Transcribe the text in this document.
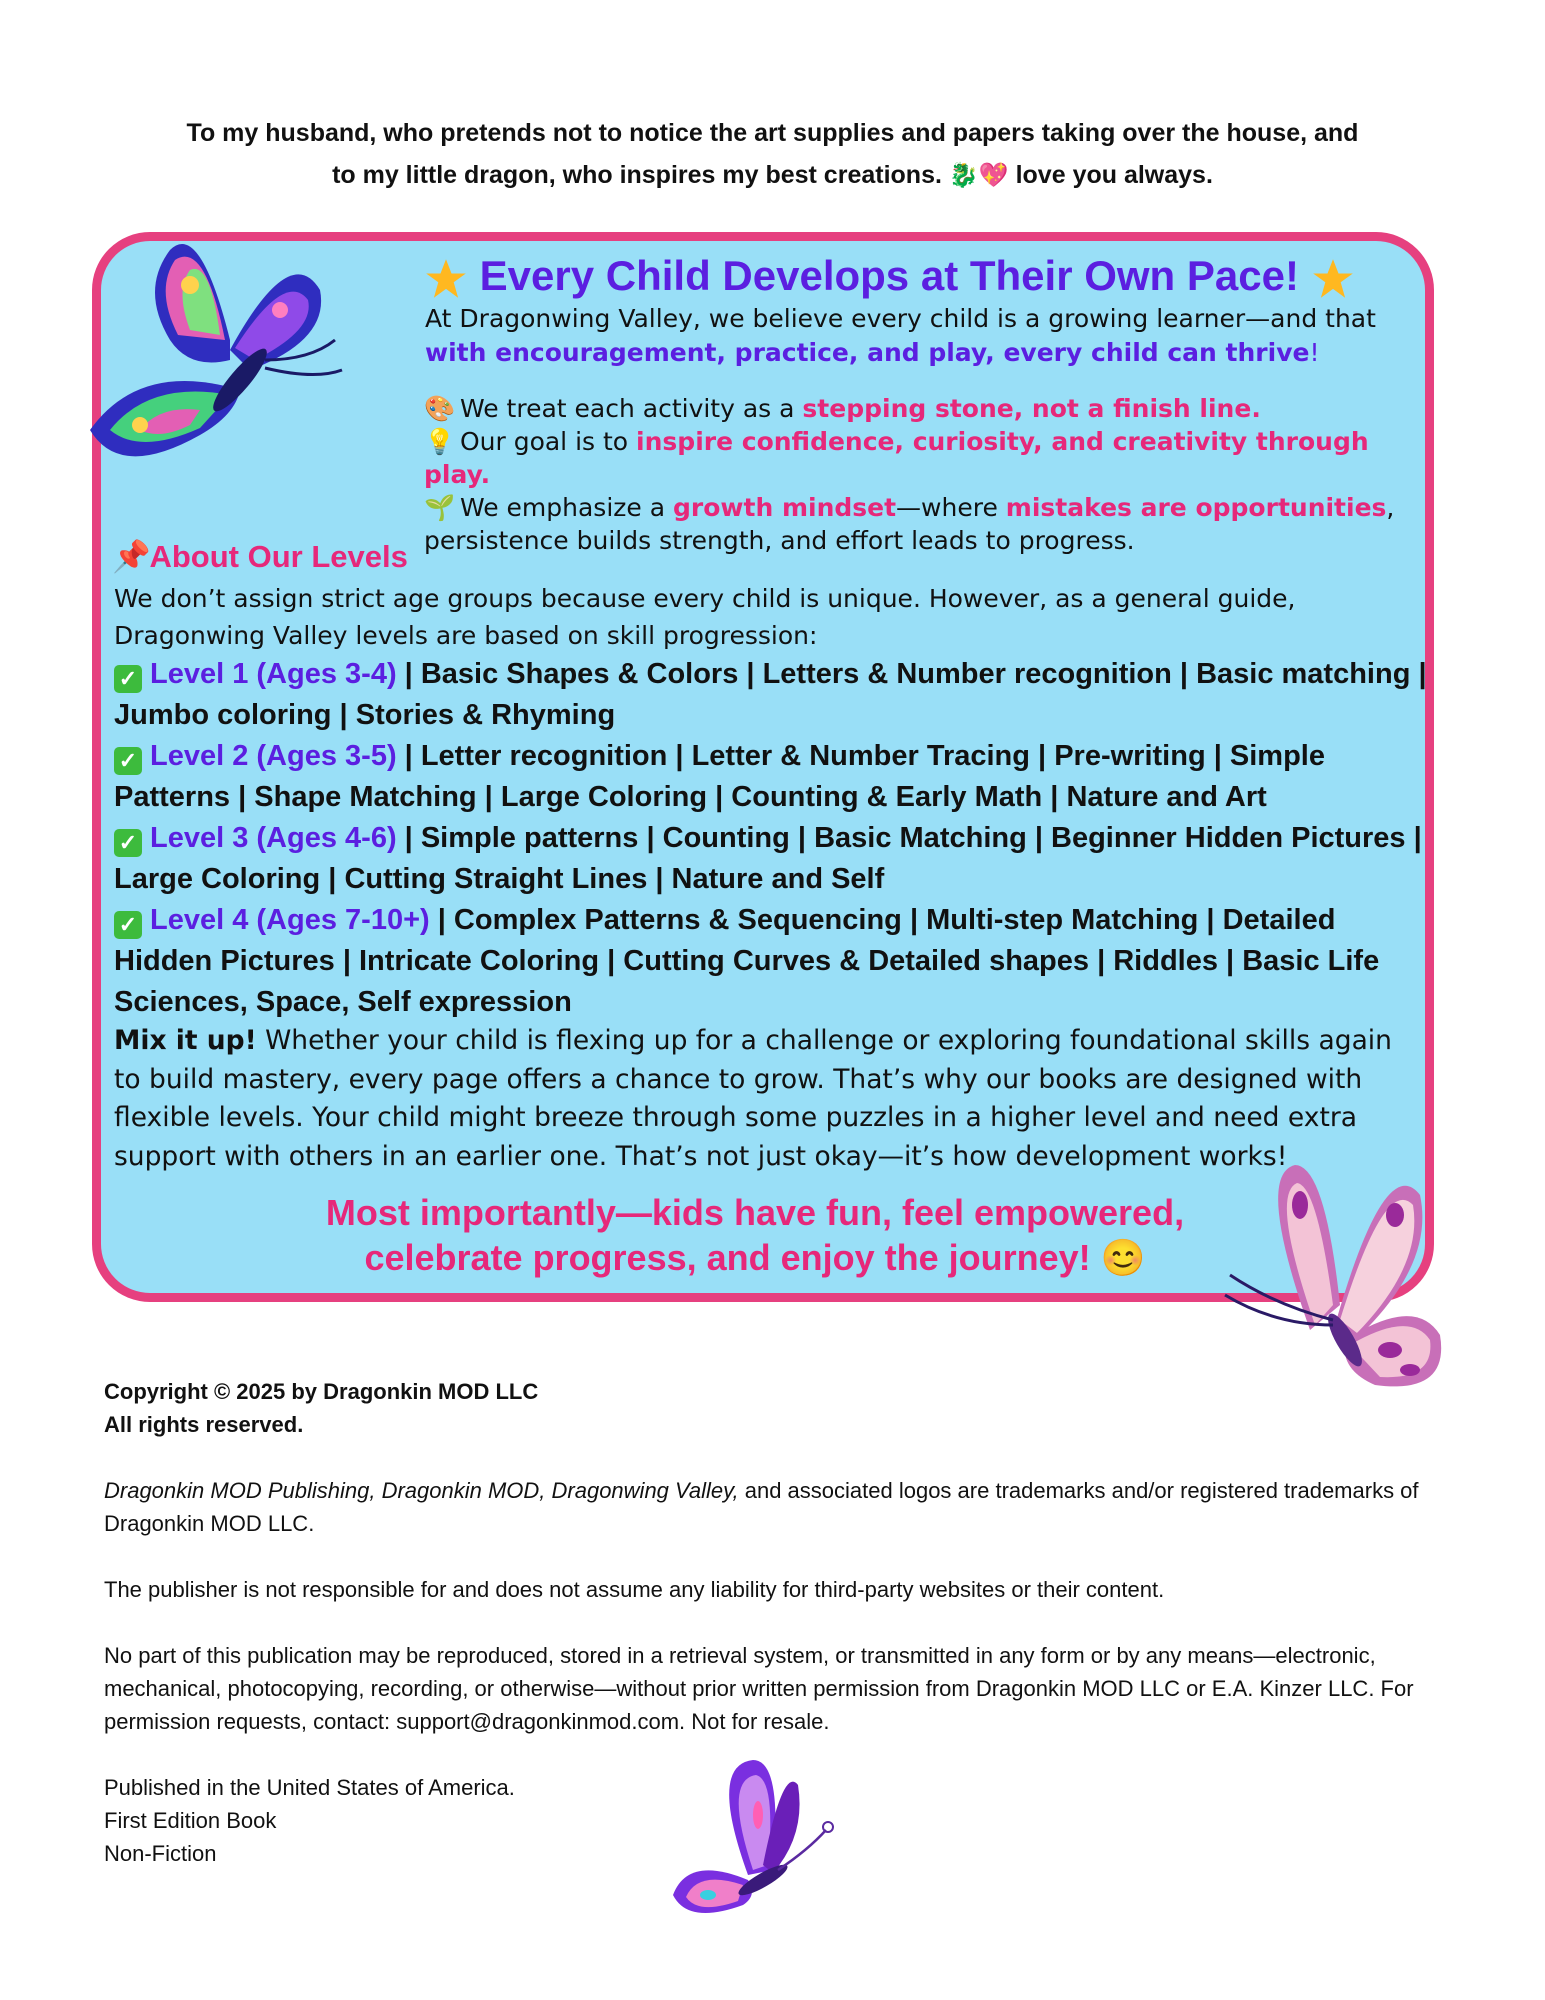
To my husband, who pretends not to notice the art supplies and papers taking over the house, and
to my little dragon, who inspires my best creations. 🐉💖 love you always.
Every Child Develops at Their Own Pace!
At Dragonwing Valley, we believe every child is a growing learner—and that
with encouragement, practice, and play, every child can thrive!
🎨 We treat each activity as a stepping stone, not a finish line.
💡 Our goal is to inspire confidence, curiosity, and creativity through play.
🌱 We emphasize a growth mindset—where mistakes are opportunities,
persistence builds strength, and effort leads to progress.
📌 About Our Levels
We don’t assign strict age groups because every child is unique. However, as a general guide,
Dragonwing Valley levels are based on skill progression:
✓ Level 1 (Ages 3-4) | Basic Shapes & Colors | Letters & Number recognition | Basic matching | Jumbo coloring | Stories & Rhyming
✓ Level 2 (Ages 3-5) | Letter recognition | Letter & Number Tracing | Pre-writing | Simple Patterns | Shape Matching | Large Coloring | Counting & Early Math | Nature and Art
✓ Level 3 (Ages 4-6) | Simple patterns | Counting | Basic Matching | Beginner Hidden Pictures | Large Coloring | Cutting Straight Lines | Nature and Self
✓ Level 4 (Ages 7-10+) | Complex Patterns & Sequencing | Multi-step Matching | Detailed Hidden Pictures | Intricate Coloring | Cutting Curves & Detailed shapes | Riddles | Basic Life Sciences, Space, Self expression
Mix it up! Whether your child is flexing up for a challenge or exploring foundational skills again to build mastery, every page offers a chance to grow. That’s why our books are designed with flexible levels. Your child might breeze through some puzzles in a higher level and need extra support with others in an earlier one. That’s not just okay—it’s how development works!
Most importantly—kids have fun, feel empowered,
celebrate progress, and enjoy the journey! 😊

Copyright © 2025 by Dragonkin MOD LLC

All rights reserved.

Dragonkin MOD Publishing, Dragonkin MOD, Dragonwing Valley, and associated logos are trademarks and/or registered trademarks of Dragonkin MOD LLC.

The publisher is not responsible for and does not assume any liability for third-party websites or their content.

No part of this publication may be reproduced, stored in a retrieval system, or transmitted in any form or by any means—electronic, mechanical, photocopying, recording, or otherwise—without prior written permission from Dragonkin MOD LLC or E.A. Kinzer LLC. For permission requests, contact: support@dragonkinmod.com. Not for resale.

Published in the United States of America.

First Edition Book

Non-Fiction
